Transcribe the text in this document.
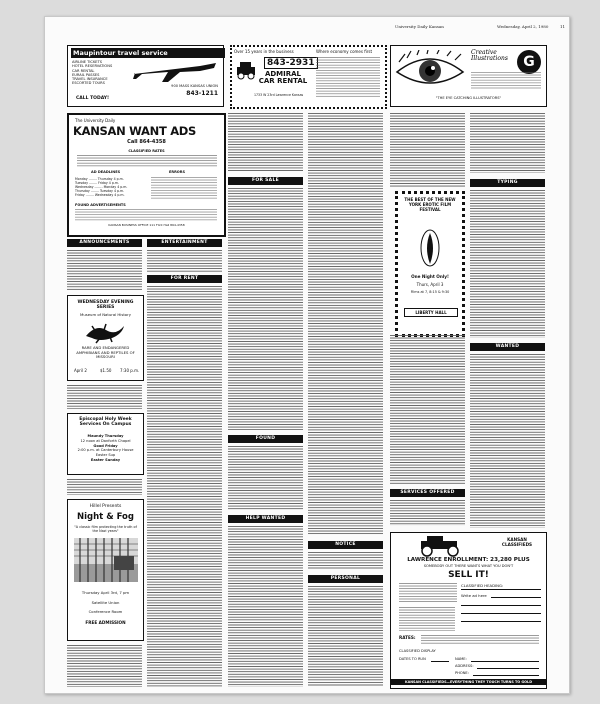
University Daily Kansan	Wednesday, April 2, 1980	11
Maupintour travel service
AIRLINE TICKETS
HOTEL RESERVATIONS
CAR RENTAL
EURAIL PASSES
TRAVEL INSURANCE
ESCORTED TOURS
900 MASS KANSAS UNION
843-1211
CALL TODAY!
Over 15 years in the business
843-2931
ADMIRAL CAR RENTAL
1733 W 23rd Lawrence Kansas
Where economy comes first	Creative Illustrations	G
"THE EYE CATCHING ILLUSTRATORS"
The University Daily
KANSAN WANT ADS
Call 864-4358
CLASSIFIED RATES
AD DEADLINES	ERRORS
Monday ........ Thursday 4 p.m.
Tuesday ........ Friday 4 p.m.
Wednesday ........ Monday 4 p.m.
Thursday ........ Tuesday 4 p.m.
Friday ........ Wednesday 4 p.m.
FOUND ADVERTISEMENTS
KANSAN BUSINESS OFFICE 111 Flint Hall 864-4358
ANNOUNCEMENTS
WEDNESDAY EVENING SERIES
Museum of Natural History
RARE AND ENDANGERED AMPHIBIANS AND REPTILES OF MISSOURI
April 2	$1.50 7:30 p.m.
Episcopal Holy Week Services On Campus
Maundy Thursday
12 noon at Danforth Chapel
Good Friday
2:00 p.m. at Canterbury House
Easter Sup
Easter Sunday
Hillel Presents
Night & Fog
"A classic film protecting the truth of the Nazi years"
Thursday April 3rd, 7 pm
Satellite Union
Conference Room
FREE ADMISSION
ENTERTAINMENT
FOR RENT
FOR SALE
FOUND
HELP WANTED
NOTICE
PERSONAL
THE BEST OF THE NEW YORK EROTIC FILM FESTIVAL
One Night Only!
Thurs, April 3
Films at 7, 8:15 & 9:30
LIBERTY HALL
SERVICES OFFERED
TYPING
WANTED
KANSAN CLASSIFIEDS
LAWRENCE ENROLLMENT: 23,280 PLUS
SOMEBODY OUT THERE WANTS WHAT YOU DON'T
SELL IT!
CLASSIFIED HEADING:
Write ad here
RATES:
CLASSIFIED DISPLAY
DATES TO RUN	NAME:
ADDRESS:
PHONE:
KANSAN CLASSIFIEDS—EVERYTHING THEY TOUCH TURNS TO GOLD
